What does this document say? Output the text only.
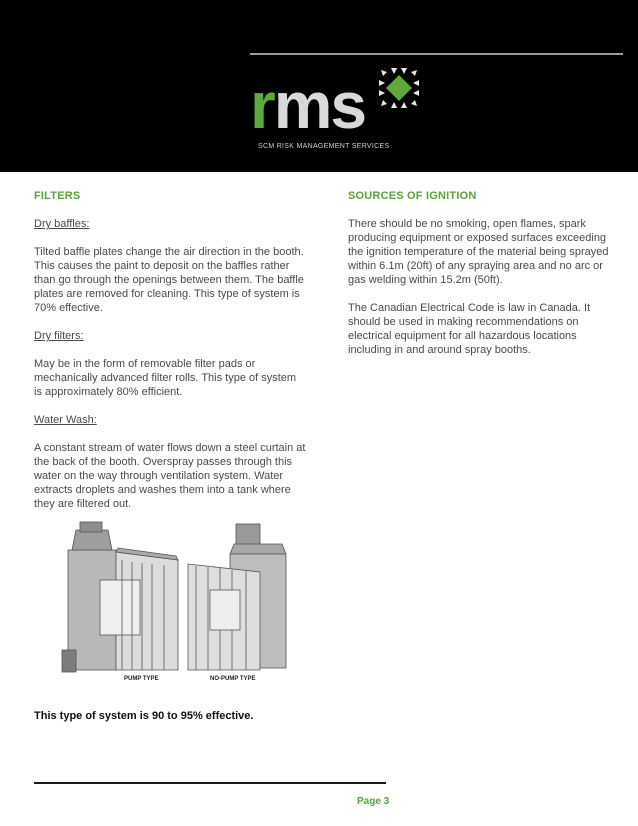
rms
SCM RISK MANAGEMENT SERVICES
FILTERS
Dry baffles:
Tilted baffle plates change the air direction in the booth. This causes the paint to deposit on the baffles rather than go through the openings between them. The baffle plates are removed for cleaning. This type of system is 70% effective.
Dry filters:
May be in the form of removable filter pads or mechanically advanced filter rolls. This type of system is approximately 80% efficient.
Water Wash:
A constant stream of water flows down a steel curtain at the back of the booth. Overspray passes through this water on the way through ventilation system. Water extracts droplets and washes them into a tank where they are filtered out.
SOURCES OF IGNITION
There should be no smoking, open flames, spark producing equipment or exposed surfaces exceeding the ignition temperature of the material being sprayed within 6.1m (20ft) of any spraying area and no arc or gas welding within 15.2m (50ft).
The Canadian Electrical Code is law in Canada. It should be used in making recommendations on electrical equipment for all hazardous locations including in and around spray booths.
PUMP TYPE	NO-PUMP TYPE
This type of system is 90 to 95% effective.
Page 3
